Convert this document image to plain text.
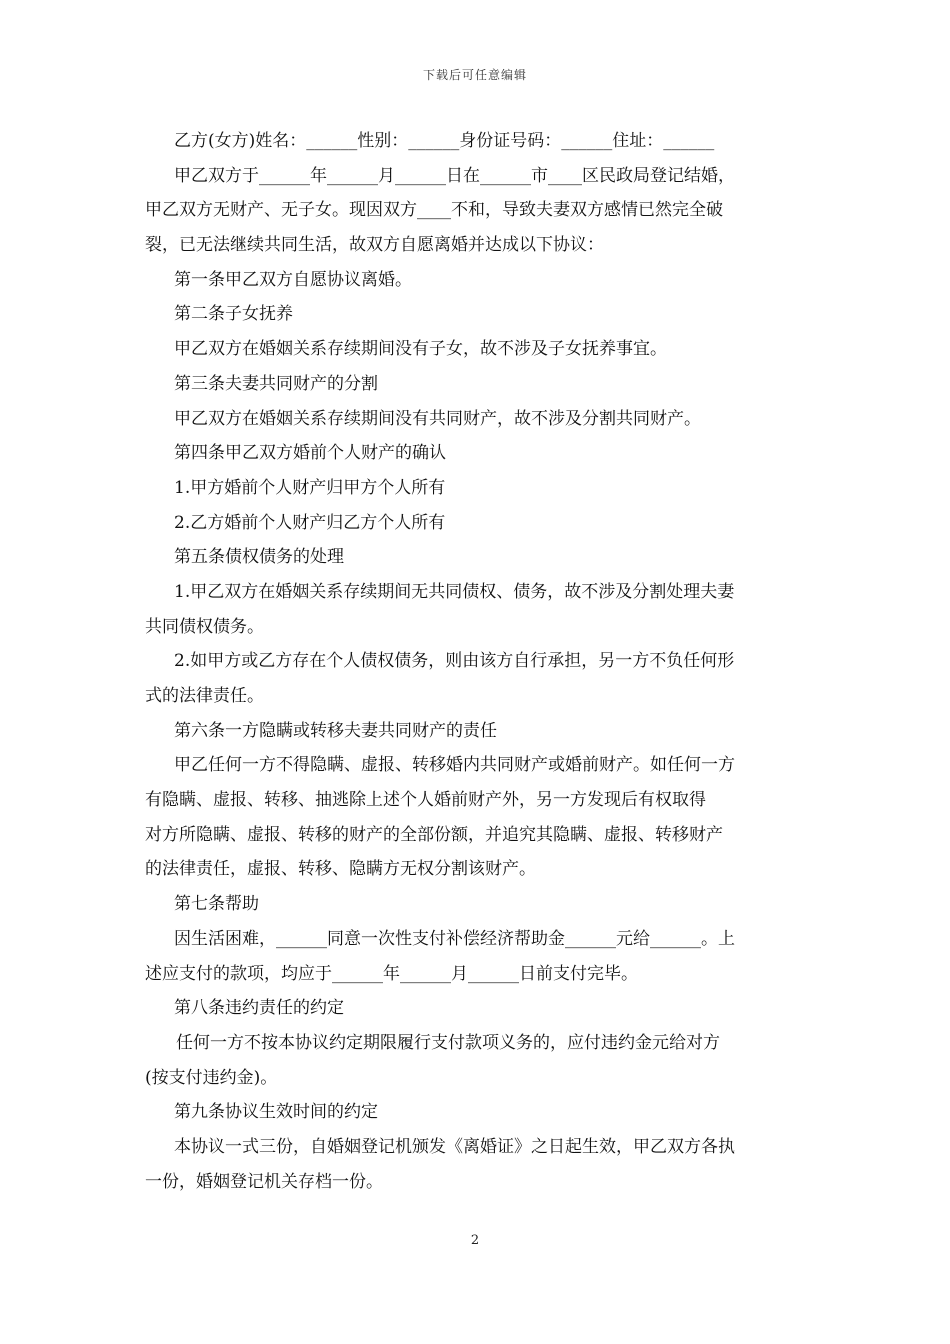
下载后可任意编辑
乙方(女方)姓名：______性别：______身份证号码：______住址：______
甲乙双方于______年______月______日在______市____区民政局登记结婚，
甲乙双方无财产、无子女。现因双方____不和，导致夫妻双方感情已然完全破
裂，已无法继续共同生活，故双方自愿离婚并达成以下协议：
第一条甲乙双方自愿协议离婚。
第二条子女抚养
甲乙双方在婚姻关系存续期间没有子女，故不涉及子女抚养事宜。
第三条夫妻共同财产的分割
甲乙双方在婚姻关系存续期间没有共同财产，故不涉及分割共同财产。
第四条甲乙双方婚前个人财产的确认
1.甲方婚前个人财产归甲方个人所有
2.乙方婚前个人财产归乙方个人所有
第五条债权债务的处理
1.甲乙双方在婚姻关系存续期间无共同债权、债务，故不涉及分割处理夫妻
共同债权债务。
2.如甲方或乙方存在个人债权债务，则由该方自行承担，另一方不负任何形
式的法律责任。
第六条一方隐瞒或转移夫妻共同财产的责任
甲乙任何一方不得隐瞒、虚报、转移婚内共同财产或婚前财产。如任何一方
有隐瞒、虚报、转移、抽逃除上述个人婚前财产外，另一方发现后有权取得
对方所隐瞒、虚报、转移的财产的全部份额，并追究其隐瞒、虚报、转移财产
的法律责任，虚报、转移、隐瞒方无权分割该财产。
第七条帮助
因生活困难，______同意一次性支付补偿经济帮助金______元给______。上
述应支付的款项，均应于______年______月______日前支付完毕。
第八条违约责任的约定
任何一方不按本协议约定期限履行支付款项义务的，应付违约金元给对方
(按支付违约金)。
第九条协议生效时间的约定
本协议一式三份，自婚姻登记机颁发《离婚证》之日起生效，甲乙双方各执
一份，婚姻登记机关存档一份。
2
